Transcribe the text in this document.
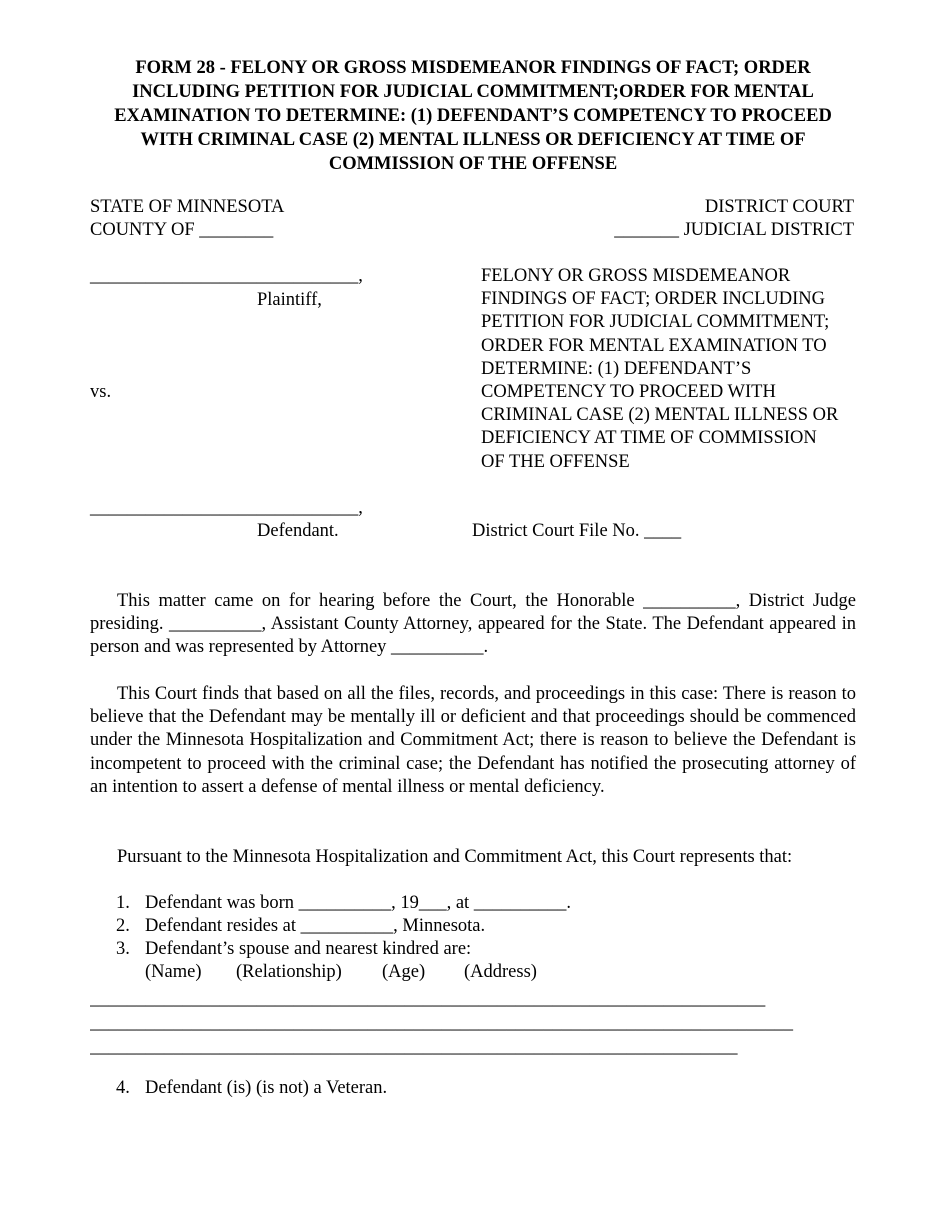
FORM 28 - FELONY OR GROSS MISDEMEANOR FINDINGS OF FACT; ORDER INCLUDING PETITION FOR JUDICIAL COMMITMENT;ORDER FOR MENTAL EXAMINATION TO DETERMINE: (1) DEFENDANT’S COMPETENCY TO PROCEED WITH CRIMINAL CASE (2) MENTAL ILLNESS OR DEFICIENCY AT TIME OF COMMISSION OF THE OFFENSE
STATE OF MINNESOTA
COUNTY OF ________
DISTRICT COURT
_______ JUDICIAL DISTRICT
_____________________________,
Plaintiff,
vs.
_____________________________,
Defendant.
FELONY OR GROSS MISDEMEANOR FINDINGS OF FACT; ORDER INCLUDING PETITION FOR JUDICIAL COMMITMENT; ORDER FOR MENTAL EXAMINATION TO DETERMINE: (1) DEFENDANT’S COMPETENCY TO PROCEED WITH CRIMINAL CASE (2) MENTAL ILLNESS OR DEFICIENCY AT TIME OF COMMISSION OF THE OFFENSE
District Court File No. ____
This matter came on for hearing before the Court, the Honorable __________, District Judge presiding. __________, Assistant County Attorney, appeared for the State. The Defendant appeared in person and was represented by Attorney __________.
This Court finds that based on all the files, records, and proceedings in this case: There is reason to believe that the Defendant may be mentally ill or deficient and that proceedings should be commenced under the Minnesota Hospitalization and Commitment Act; there is reason to believe the Defendant is incompetent to proceed with the criminal case; the Defendant has notified the prosecuting attorney of an intention to assert a defense of mental illness or mental deficiency.
Pursuant to the Minnesota Hospitalization and Commitment Act, this Court represents that:
1. Defendant was born __________, 19___, at __________.
2. Defendant resides at __________, Minnesota.
3. Defendant’s spouse and nearest kindred are:
(Name) (Relationship) (Age) (Address)
_________________________________________________________________________
____________________________________________________________________________
______________________________________________________________________
4. Defendant (is) (is not) a Veteran.
